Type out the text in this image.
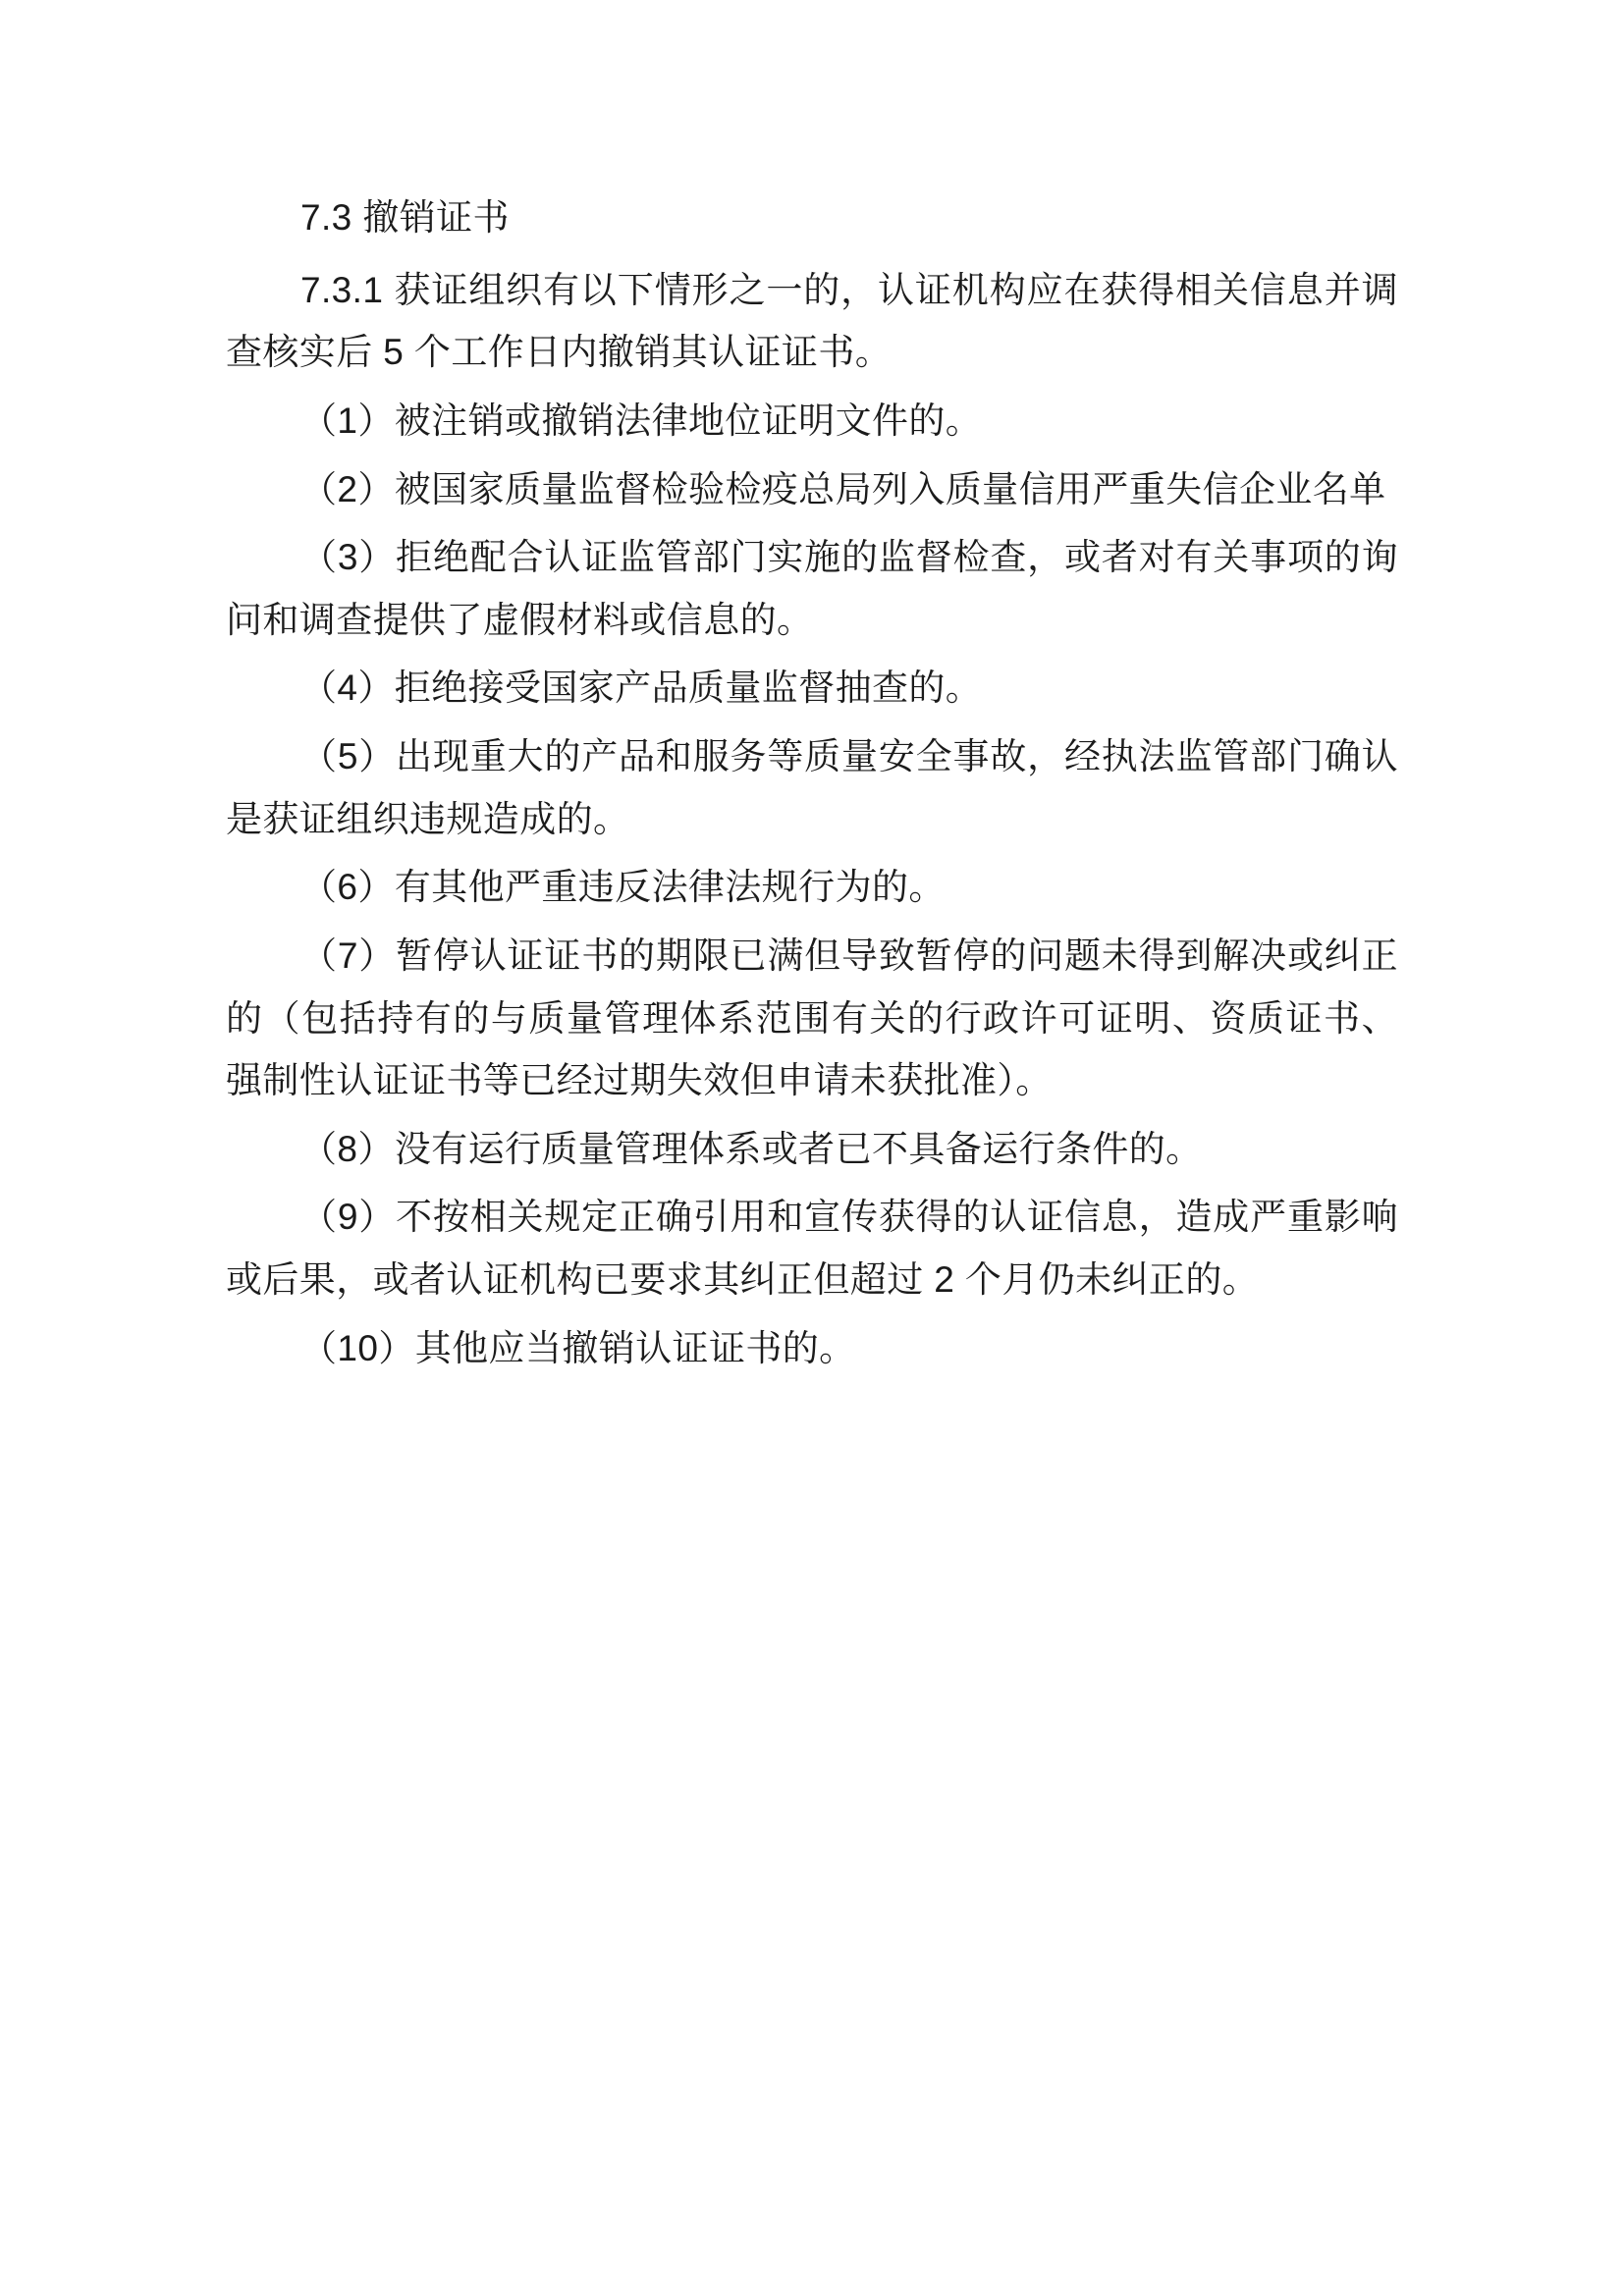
7.3 撤销证书

7.3.1 获证组织有以下情形之一的，认证机构应在获得相关信息并调查核实后 5 个工作日内撤销其认证证书。

（1）被注销或撤销法律地位证明文件的。

（2）被国家质量监督检验检疫总局列入质量信用严重失信企业名单

（3）拒绝配合认证监管部门实施的监督检查，或者对有关事项的询问和调查提供了虚假材料或信息的。

（4）拒绝接受国家产品质量监督抽查的。

（5）出现重大的产品和服务等质量安全事故，经执法监管部门确认是获证组织违规造成的。

（6）有其他严重违反法律法规行为的。

（7）暂停认证证书的期限已满但导致暂停的问题未得到解决或纠正的（包括持有的与质量管理体系范围有关的行政许可证明、资质证书、强制性认证证书等已经过期失效但申请未获批准）。

（8）没有运行质量管理体系或者已不具备运行条件的。

（9）不按相关规定正确引用和宣传获得的认证信息，造成严重影响或后果，或者认证机构已要求其纠正但超过 2 个月仍未纠正的。

（10）其他应当撤销认证证书的。
